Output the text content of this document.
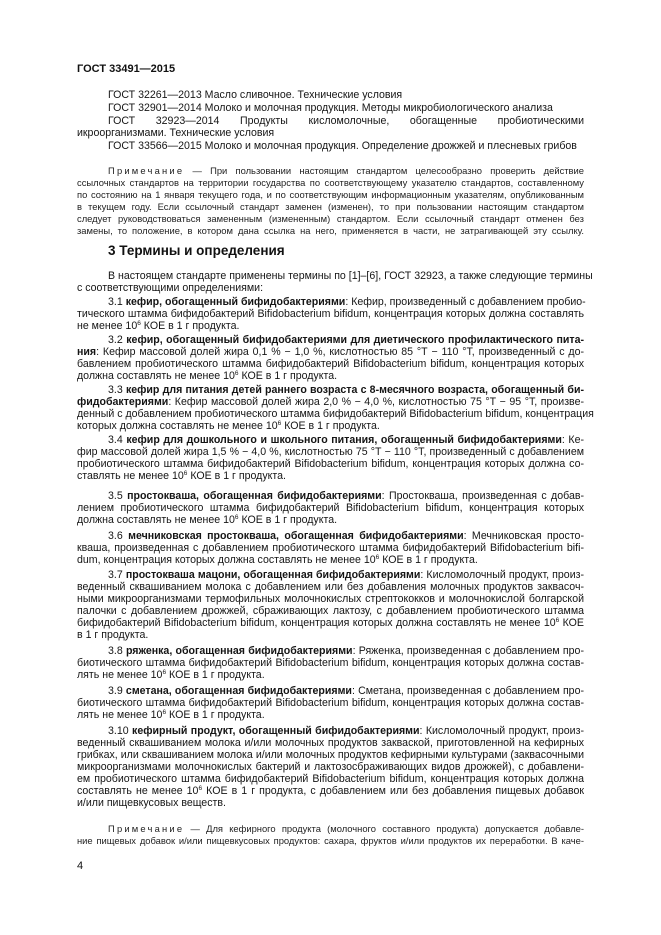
ГОСТ 33491—2015
ГОСТ 32261—2013 Масло сливочное. Технические условия
ГОСТ 32901—2014 Молоко и молочная продукция. Методы микробиологического анализа
ГОСТ 32923—2014 Продукты кисломолочные, обогащенные пробиотическими
икроорганизмами. Технические условия
ГОСТ 33566—2015 Молоко и молочная продукция. Определение дрожжей и плесневых грибов
Примечание — При пользовании настоящим стандартом целесообразно проверить действие
ссылочных стандартов на территории государства по соответствующему указателю стандартов, составленному
по состоянию на 1 января текущего года, и по соответствующим информационным указателям, опубликованным
в текущем году. Если ссылочный стандарт заменен (изменен), то при пользовании настоящим стандартом
следует руководствоваться замененным (измененным) стандартом. Если ссылочный стандарт отменен без
замены, то положение, в котором дана ссылка на него, применяется в части, не затрагивающей эту ссылку.
3 Термины и определения
В настоящем стандарте применены термины по [1]–[6], ГОСТ 32923, а также следующие термины
с соответствующими определениями:
3.1 кефир, обогащенный бифидобактериями: Кефир, произведенный с добавлением пробио-
тического штамма бифидобактерий Bifidobacterium bifidum, концентрация которых должна составлять
не менее $10^6$ КОЕ в 1 г продукта.
3.2 кефир, обогащенный бифидобактериями для диетического профилактического пита-
ния: Кефир массовой долей жира 0,1 % − 1,0 %, кислотностью 85 °Т − 110 °Т, произведенный с до-
бавлением пробиотического штамма бифидобактерий Bifidobacterium bifidum, концентрация которых
должна составлять не менее $10^6$ КОЕ в 1 г продукта.
3.3 кефир для питания детей раннего возраста с 8-месячного возраста, обогащенный би-
фидобактериями: Кефир массовой долей жира 2,0 % − 4,0 %, кислотностью 75 °Т − 95 °Т, произве-
денный с добавлением пробиотического штамма бифидобактерий Bifidobacterium bifidum, концентрация
которых должна составлять не менее $10^6$ КОЕ в 1 г продукта.
3.4 кефир для дошкольного и школьного питания, обогащенный бифидобактериями: Ке-
фир массовой долей жира 1,5 % − 4,0 %, кислотностью 75 °Т − 110 °Т, произведенный с добавлением
пробиотического штамма бифидобактерий Bifidobacterium bifidum, концентрация которых должна со-
ставлять не менее $10^6$ КОЕ в 1 г продукта.
3.5 простокваша, обогащенная бифидобактериями: Простокваша, произведенная с добав-
лением пробиотического штамма бифидобактерий Bifidobacterium bifidum, концентрация которых
должна составлять не менее $10^6$ КОЕ в 1 г продукта.
3.6 мечниковская простокваша, обогащенная бифидобактериями: Мечниковская просто-
кваша, произведенная с добавлением пробиотического штамма бифидобактерий Bifidobacterium bifi-
dum, концентрация которых должна составлять не менее $10^6$ КОЕ в 1 г продукта.
3.7 простокваша мацони, обогащенная бифидобактериями: Кисломолочный продукт, произ-
веденный сквашиванием молока с добавлением или без добавления молочных продуктов заквасоч-
ными микроорганизмами термофильных молочнокислых стрептококков и молочнокислой болгарской
палочки с добавлением дрожжей, сбраживающих лактозу, с добавлением пробиотического штамма
бифидобактерий Bifidobacterium bifidum, концентрация которых должна составлять не менее $10^6$ КОЕ
в 1 г продукта.
3.8 ряженка, обогащенная бифидобактериями: Ряженка, произведенная с добавлением про-
биотического штамма бифидобактерий Bifidobacterium bifidum, концентрация которых должна состав-
лять не менее $10^6$ КОЕ в 1 г продукта.
3.9 сметана, обогащенная бифидобактериями: Сметана, произведенная с добавлением про-
биотического штамма бифидобактерий Bifidobacterium bifidum, концентрация которых должна состав-
лять не менее $10^6$ КОЕ в 1 г продукта.
3.10 кефирный продукт, обогащенный бифидобактериями: Кисломолочный продукт, произ-
веденный сквашиванием молока и/или молочных продуктов закваской, приготовленной на кефирных
грибках, или сквашиванием молока и/или молочных продуктов кефирными культурами (заквасочными
микроорганизмами молочнокислых бактерий и лактозосбраживающих видов дрожжей), с добавлени-
ем пробиотического штамма бифидобактерий Bifidobacterium bifidum, концентрация которых должна
составлять не менее $10^6$ КОЕ в 1 г продукта, с добавлением или без добавления пищевых добавок
и/или пищевкусовых веществ.
Примечание — Для кефирного продукта (молочного составного продукта) допускается добавле-
ние пищевых добавок и/или пищевкусовых продуктов: сахара, фруктов и/или продуктов их переработки. В каче-
4
